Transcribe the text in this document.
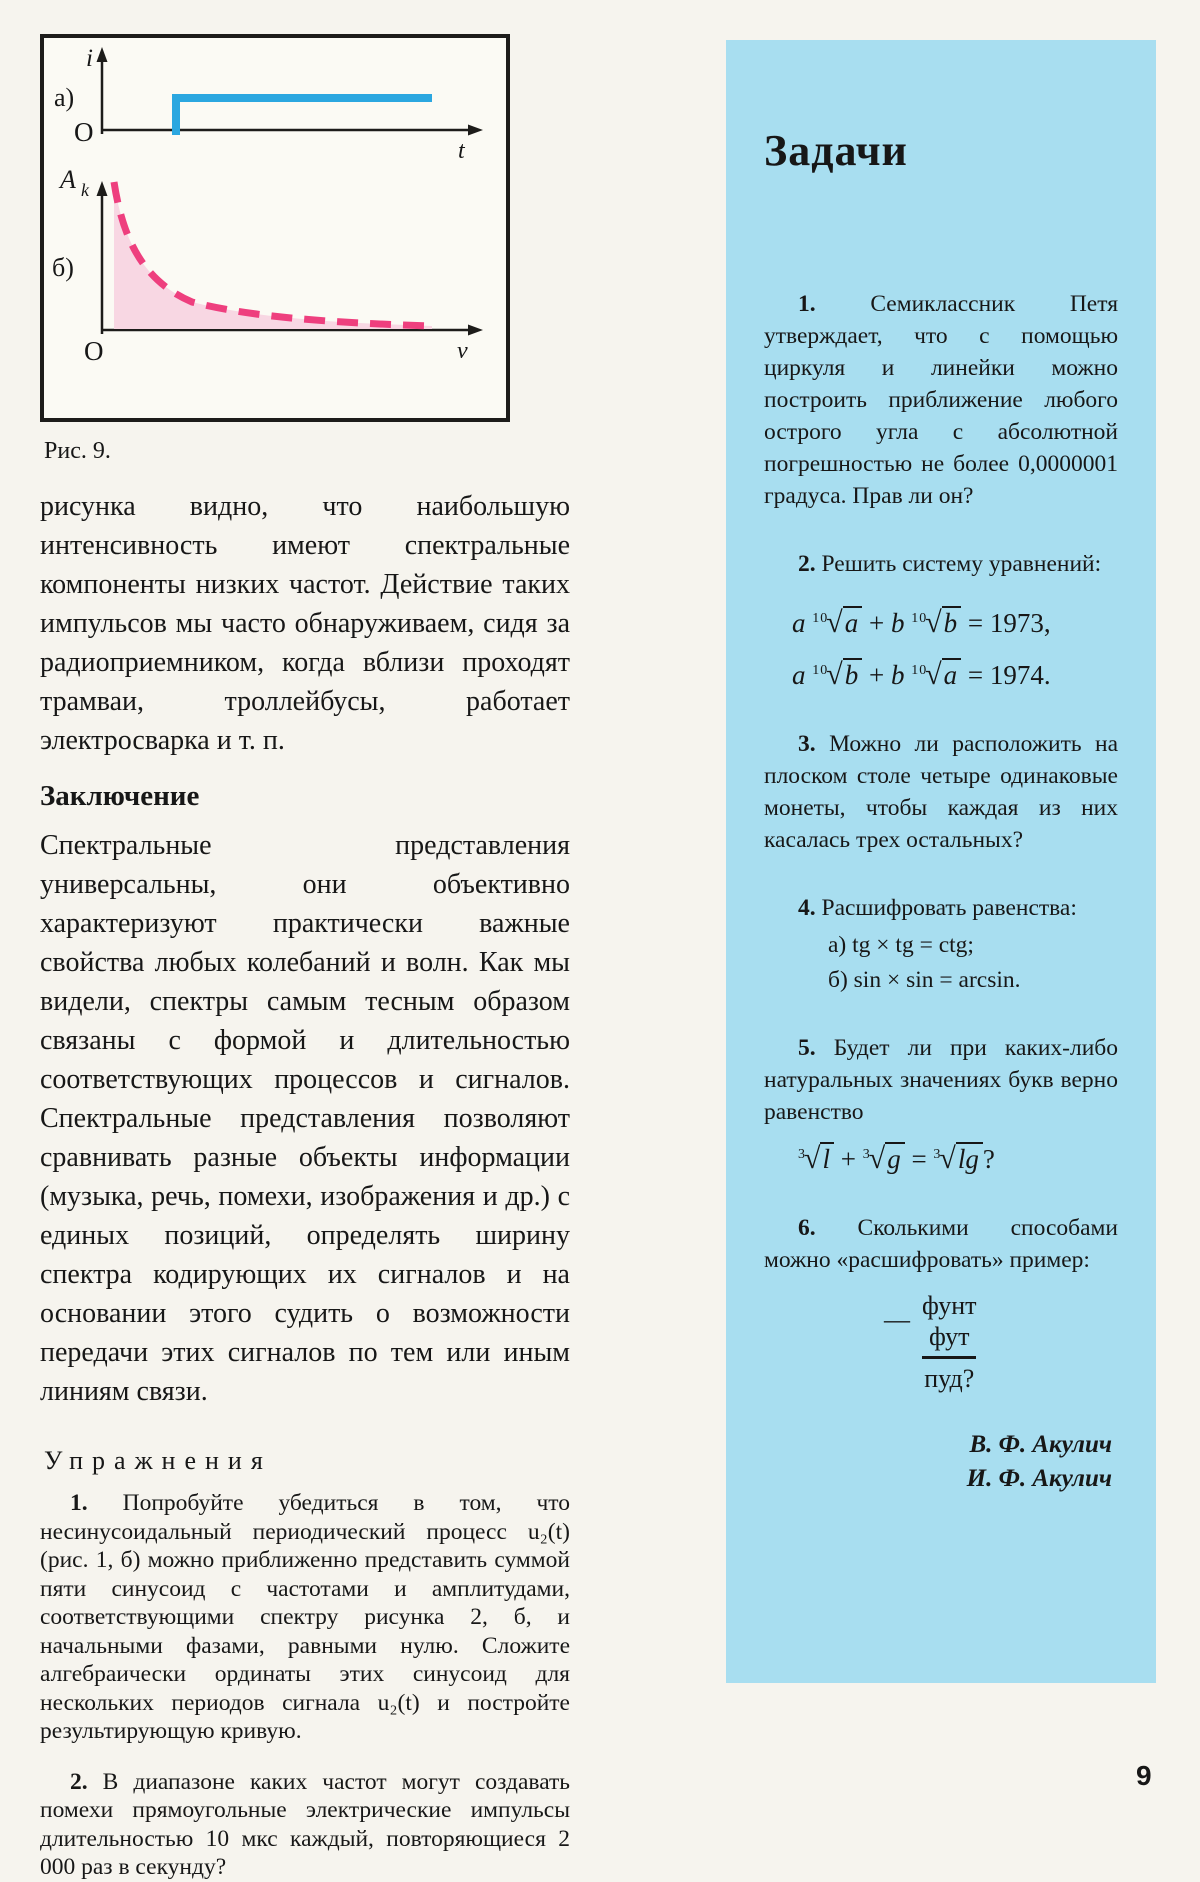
i
а)
O
t
A k
б)
O	ν
Рис. 9.

рисунка видно, что наибольшую интенсивность имеют спектральные компоненты низких частот. Действие таких импульсов мы часто обнаруживаем, сидя за радиоприемником, когда вблизи проходят трамваи, троллейбусы, работает электросварка и т. п.

Заключение

Спектральные представления универсальны, они объективно характеризуют практически важные свойства любых колебаний и волн. Как мы видели, спектры самым тесным образом связаны с формой и длительностью соответствующих процессов и сигналов. Спектральные представления позволяют сравнивать разные объекты информации (музыка, речь, помехи, изображения и др.) с единых позиций, определять ширину спектра кодирующих их сигналов и на основании этого судить о возможности передачи этих сигналов по тем или иным линиям связи.

Упражнения

1. Попробуйте убедиться в том, что несинусоидальный периодический процесс u₂(t) (рис. 1, б) можно приближенно представить суммой пяти синусоид с частотами и амплитудами, соответствующими спектру рисунка 2, б, и начальными фазами, равными нулю. Сложите алгебраически ординаты этих синусоид для нескольких периодов сигнала u₂(t) и постройте результирующую кривую.

2. В диапазоне каких частот могут создавать помехи прямоугольные электрические импульсы длительностью 10 мкс каждый, повторяющиеся 2 000 раз в секунду?

Задачи

1. Семиклассник Петя утверждает, что с помощью циркуля и линейки можно построить приближение любого острого угла с абсолютной погрешностью не более 0,0000001 градуса. Прав ли он?

2. Решить систему уравнений:

a $^{10}$√a + b $^{10}$√b = 1973,
a $^{10}$√b + b $^{10}$√a = 1974.

3. Можно ли расположить на плоском столе четыре одинаковые монеты, чтобы каждая из них касалась трех остальных?

4. Расшифровать равенства:

а) tg × tg = ctg;
б) sin × sin = arcsin.

5. Будет ли при каких-либо натуральных значениях букв верно равенство

$^3$√l + $^3$√g = $^3$√lg ?

6. Сколькими способами можно «расшифровать» пример:

— фунт
фут
пуд?
В. Ф. Акулич
И. Ф. Акулич
9
